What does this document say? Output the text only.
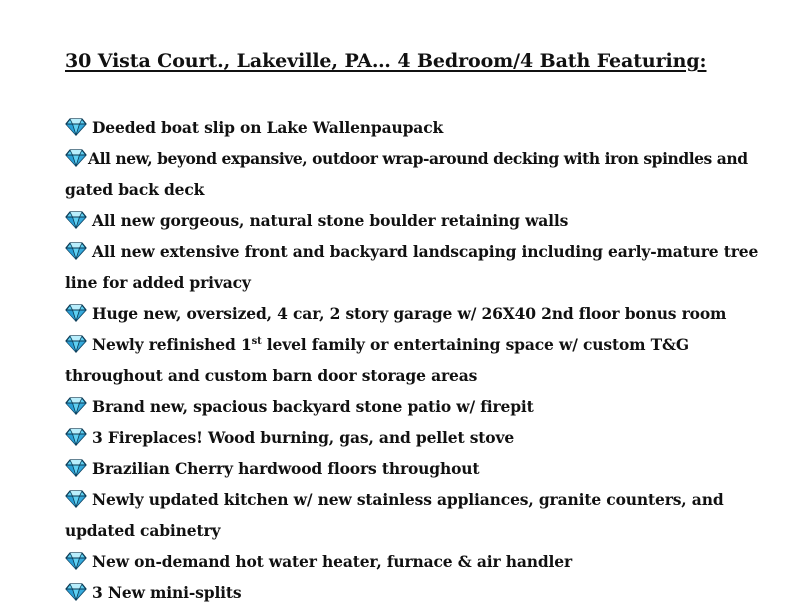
30 Vista Court., Lakeville, PA… 4 Bedroom/4 Bath Featuring:
Deeded boat slip on Lake Wallenpaupack
All new, beyond expansive, outdoor wrap-around decking with iron spindles and
gated back deck
All new gorgeous, natural stone boulder retaining walls
All new extensive front and backyard landscaping including early-mature tree
line for added privacy
Huge new, oversized, 4 car, 2 story garage w/ 26X40 2nd floor bonus room
Newly refinished 1st level family or entertaining space w/ custom T&G
throughout and custom barn door storage areas
Brand new, spacious backyard stone patio w/ firepit
3 Fireplaces! Wood burning, gas, and pellet stove
Brazilian Cherry hardwood floors throughout
Newly updated kitchen w/ new stainless appliances, granite counters, and
updated cabinetry
New on-demand hot water heater, furnace & air handler
3 New mini-splits
